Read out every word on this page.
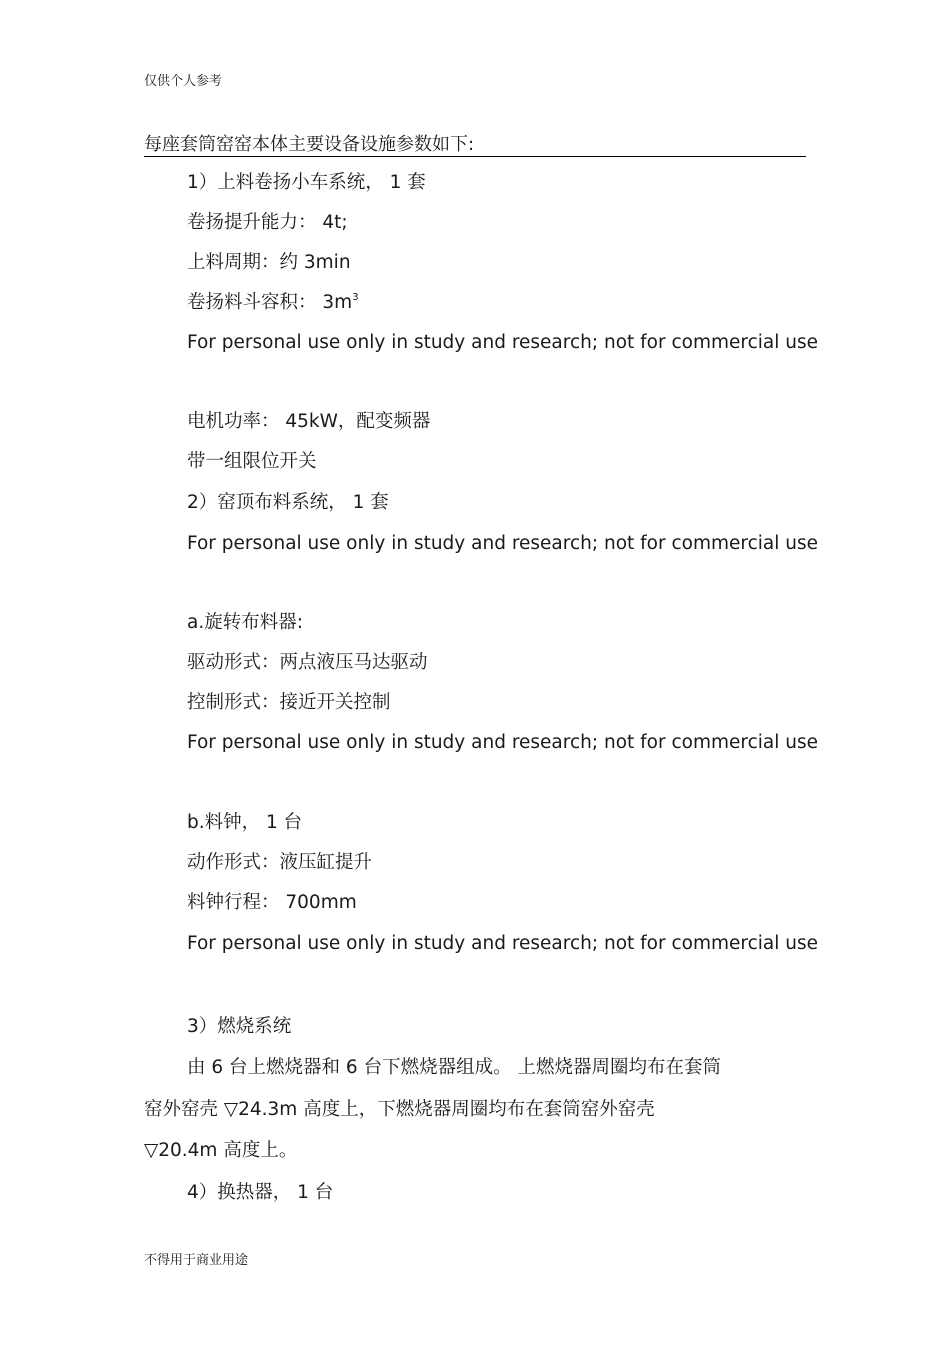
仅供个人参考
每座套筒窑窑本体主要设备设施参数如下:
1）上料卷扬小车系统， 1 套
卷扬提升能力： 4t;
上料周期：约 3min
卷扬料斗容积： $3m^3$
For personal use only in study and research; not for commercial use
电机功率： 45kW，配变频器
带一组限位开关
2）窑顶布料系统， 1 套
For personal use only in study and research; not for commercial use
a.旋转布料器:
驱动形式：两点液压马达驱动
控制形式：接近开关控制
For personal use only in study and research; not for commercial use
b.料钟， 1 台
动作形式：液压缸提升
料钟行程： 700mm
For personal use only in study and research; not for commercial use
3）燃烧系统
由 6 台上燃烧器和 6 台下燃烧器组成。 上燃烧器周圈均布在套筒
窑外窑壳 ▽24.3m 高度上，下燃烧器周圈均布在套筒窑外窑壳
▽20.4m 高度上。
4）换热器， 1 台
不得用于商业用途
